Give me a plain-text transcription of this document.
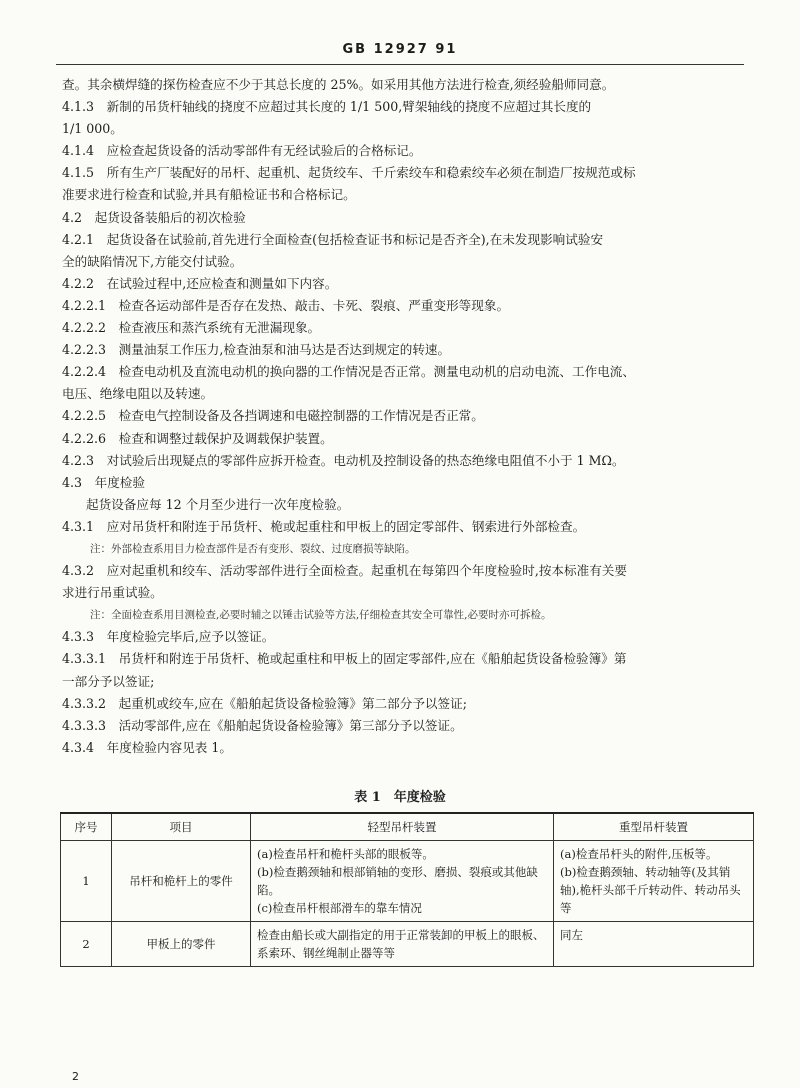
GB 12927 91

查。其余横焊缝的探伤检查应不少于其总长度的 25%。如采用其他方法进行检查,须经验船师同意。

4.1.3　新制的吊货杆轴线的挠度不应超过其长度的 1/1 500,臂架轴线的挠度不应超过其长度的

1/1 000。

4.1.4　应检查起货设备的活动零部件有无经试验后的合格标记。

4.1.5　所有生产厂装配好的吊杆、起重机、起货绞车、千斤索绞车和稳索绞车必须在制造厂按规范或标

准要求进行检查和试验,并具有船检证书和合格标记。

4.2　起货设备装船后的初次检验

4.2.1　起货设备在试验前,首先进行全面检查(包括检查证书和标记是否齐全),在未发现影响试验安

全的缺陷情况下,方能交付试验。

4.2.2　在试验过程中,还应检查和测量如下内容。

4.2.2.1　检查各运动部件是否存在发热、敲击、卡死、裂痕、严重变形等现象。

4.2.2.2　检查液压和蒸汽系统有无泄漏现象。

4.2.2.3　测量油泵工作压力,检查油泵和油马达是否达到规定的转速。

4.2.2.4　检查电动机及直流电动机的换向器的工作情况是否正常。测量电动机的启动电流、工作电流、

电压、绝缘电阻以及转速。

4.2.2.5　检查电气控制设备及各挡调速和电磁控制器的工作情况是否正常。

4.2.2.6　检查和调整过载保护及调载保护装置。

4.2.3　对试验后出现疑点的零部件应拆开检查。电动机及控制设备的热态绝缘电阻值不小于 1 MΩ。

4.3　年度检验

起货设备应每 12 个月至少进行一次年度检验。

4.3.1　应对吊货杆和附连于吊货杆、桅或起重柱和甲板上的固定零部件、钢索进行外部检查。

注：外部检查系用目力检查部件是否有变形、裂纹、过度磨损等缺陷。

4.3.2　应对起重机和绞车、活动零部件进行全面检查。起重机在每第四个年度检验时,按本标准有关要

求进行吊重试验。

注：全面检查系用目测检查,必要时辅之以锤击试验等方法,仔细检查其安全可靠性,必要时亦可拆检。

4.3.3　年度检验完毕后,应予以签证。

4.3.3.1　吊货杆和附连于吊货杆、桅或起重柱和甲板上的固定零部件,应在《船舶起货设备检验簿》第

一部分予以签证;

4.3.3.2　起重机或绞车,应在《船舶起货设备检验簿》第二部分予以签证;

4.3.3.3　活动零部件,应在《船舶起货设备检验簿》第三部分予以签证。

4.3.4　年度检验内容见表 1。

表 1　年度检验
序号	项目	轻型吊杆装置	重型吊杆装置
1	吊杆和桅杆上的零件	(a)检查吊杆和桅杆头部的眼板等。
(b)检查鹅颈轴和根部销轴的变形、磨损、裂痕或其他缺陷。
(c)检查吊杆根部滑车的靠车情况	(a)检查吊杆头的附件,压板等。
(b)检查鹅颈轴、转动轴等(及其销轴),桅杆头部千斤转动件、转动吊头等

2	甲板上的零件	检查由船长或大副指定的用于正常装卸的甲板上的眼板、系索环、钢丝绳制止器等等	同左
2
